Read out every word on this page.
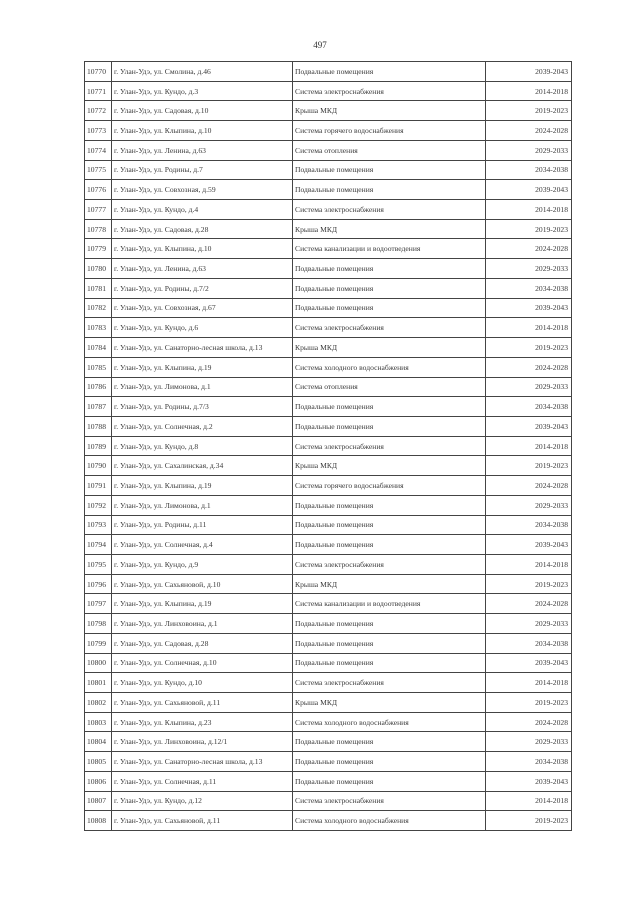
497
10770	г. Улан-Удэ, ул. Смолина, д.46	Подвальные помещения	2039-2043
10771	г. Улан-Удэ, ул. Кундо, д.3	Система электроснабжения	2014-2018
10772	г. Улан-Удэ, ул. Садовая, д.10	Крыша МКД	2019-2023
10773	г. Улан-Удэ, ул. Клыпина, д.10	Система горячего водоснабжения	2024-2028
10774	г. Улан-Удэ, ул. Ленина, д.63	Система отопления	2029-2033
10775	г. Улан-Удэ, ул. Родины, д.7	Подвальные помещения	2034-2038
10776	г. Улан-Удэ, ул. Совхозная, д.59	Подвальные помещения	2039-2043
10777	г. Улан-Удэ, ул. Кундо, д.4	Система электроснабжения	2014-2018
10778	г. Улан-Удэ, ул. Садовая, д.28	Крыша МКД	2019-2023
10779	г. Улан-Удэ, ул. Клыпина, д.10	Система канализации и водоотведения	2024-2028
10780	г. Улан-Удэ, ул. Ленина, д.63	Подвальные помещения	2029-2033
10781	г. Улан-Удэ, ул. Родины, д.7/2	Подвальные помещения	2034-2038
10782	г. Улан-Удэ, ул. Совхозная, д.67	Подвальные помещения	2039-2043
10783	г. Улан-Удэ, ул. Кундо, д.6	Система электроснабжения	2014-2018
10784	г. Улан-Удэ, ул. Санаторно-лесная школа, д.13	Крыша МКД	2019-2023
10785	г. Улан-Удэ, ул. Клыпина, д.19	Система холодного водоснабжения	2024-2028
10786	г. Улан-Удэ, ул. Лимонова, д.1	Система отопления	2029-2033
10787	г. Улан-Удэ, ул. Родины, д.7/3	Подвальные помещения	2034-2038
10788	г. Улан-Удэ, ул. Солнечная, д.2	Подвальные помещения	2039-2043
10789	г. Улан-Удэ, ул. Кундо, д.8	Система электроснабжения	2014-2018
10790	г. Улан-Удэ, ул. Сахалинская, д.34	Крыша МКД	2019-2023
10791	г. Улан-Удэ, ул. Клыпина, д.19	Система горячего водоснабжения	2024-2028
10792	г. Улан-Удэ, ул. Лимонова, д.1	Подвальные помещения	2029-2033
10793	г. Улан-Удэ, ул. Родины, д.11	Подвальные помещения	2034-2038
10794	г. Улан-Удэ, ул. Солнечная, д.4	Подвальные помещения	2039-2043
10795	г. Улан-Удэ, ул. Кундо, д.9	Система электроснабжения	2014-2018
10796	г. Улан-Удэ, ул. Сахьяновой, д.10	Крыша МКД	2019-2023
10797	г. Улан-Удэ, ул. Клыпина, д.19	Система канализации и водоотведения	2024-2028
10798	г. Улан-Удэ, ул. Линховоина, д.1	Подвальные помещения	2029-2033
10799	г. Улан-Удэ, ул. Садовая, д.28	Подвальные помещения	2034-2038
10800	г. Улан-Удэ, ул. Солнечная, д.10	Подвальные помещения	2039-2043
10801	г. Улан-Удэ, ул. Кундо, д.10	Система электроснабжения	2014-2018
10802	г. Улан-Удэ, ул. Сахьяновой, д.11	Крыша МКД	2019-2023
10803	г. Улан-Удэ, ул. Клыпина, д.23	Система холодного водоснабжения	2024-2028
10804	г. Улан-Удэ, ул. Линховоина, д.12/1	Подвальные помещения	2029-2033
10805	г. Улан-Удэ, ул. Санаторно-лесная школа, д.13	Подвальные помещения	2034-2038
10806	г. Улан-Удэ, ул. Солнечная, д.11	Подвальные помещения	2039-2043
10807	г. Улан-Удэ, ул. Кундо, д.12	Система электроснабжения	2014-2018
10808	г. Улан-Удэ, ул. Сахьяновой, д.11	Система холодного водоснабжения	2019-2023
